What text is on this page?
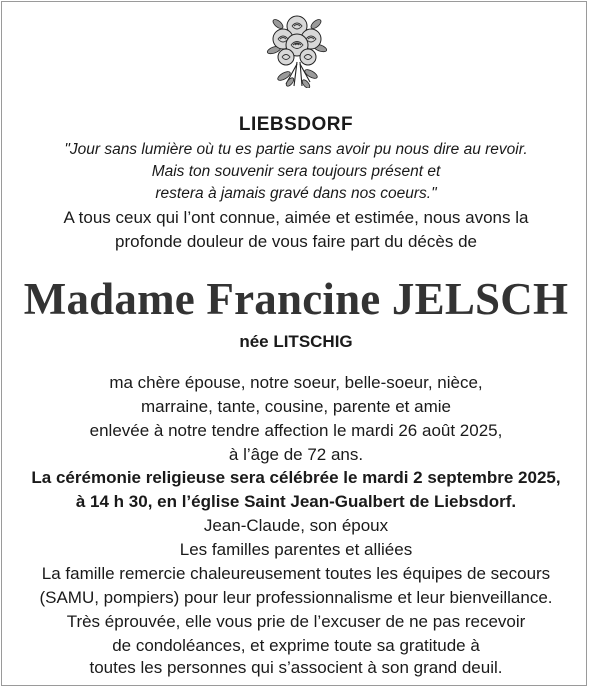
LIEBSDORF
"Jour sans lumière où tu es partie sans avoir pu nous dire au revoir.
Mais ton souvenir sera toujours présent et
restera à jamais gravé dans nos coeurs."
A tous ceux qui l’ont connue, aimée et estimée, nous avons la
profonde douleur de vous faire part du décès de
Madame Francine JELSCH
née LITSCHIG
ma chère épouse, notre soeur, belle-soeur, nièce,
marraine, tante, cousine, parente et amie
enlevée à notre tendre affection le mardi 26 août 2025,
à l’âge de 72 ans.
La cérémonie religieuse sera célébrée le mardi 2 septembre 2025,
à 14 h 30, en l’église Saint Jean-Gualbert de Liebsdorf.
Jean-Claude, son époux
Les familles parentes et alliées
La famille remercie chaleureusement toutes les équipes de secours
(SAMU, pompiers) pour leur professionnalisme et leur bienveillance.
Très éprouvée, elle vous prie de l’excuser de ne pas recevoir
de condoléances, et exprime toute sa gratitude à
toutes les personnes qui s’associent à son grand deuil.
